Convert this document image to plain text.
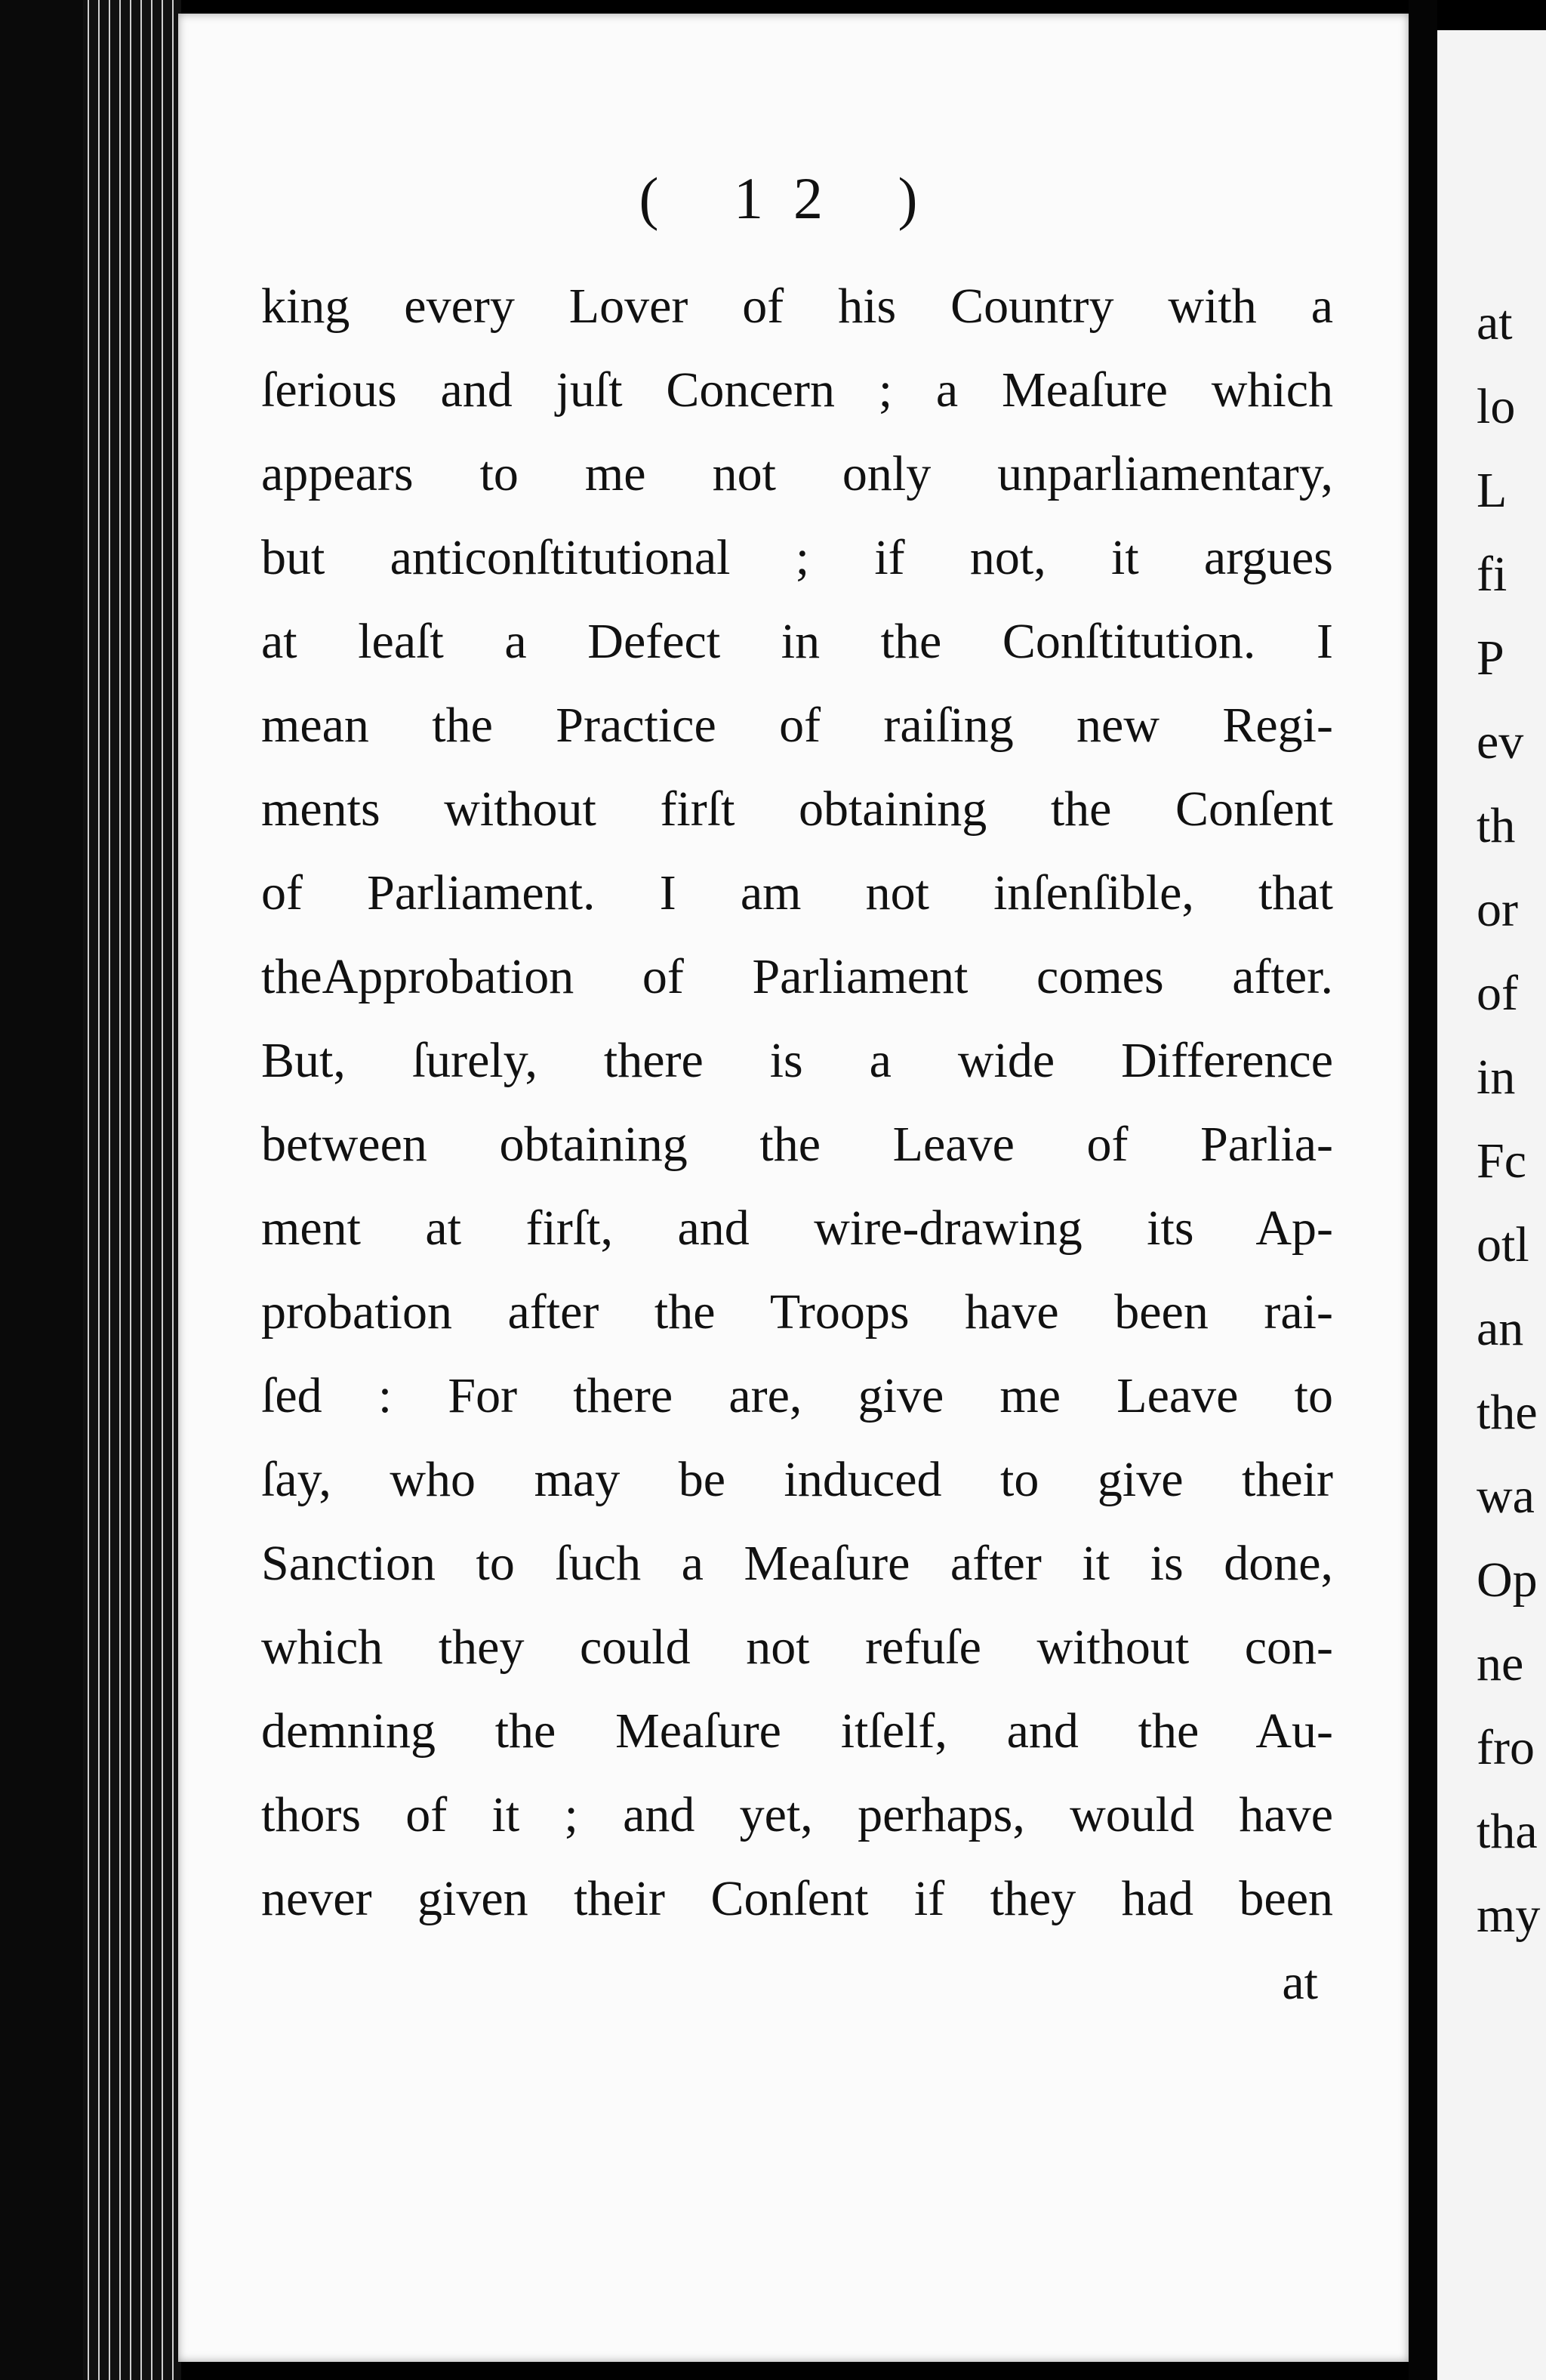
( 12 )
king every Lover of his Country with a
ſerious and juſt Concern ; a Meaſure which
appears to me not only unparliamentary,
but anticonſtitutional ; if not, it argues
at leaſt a Defect in the Conſtitution. I
mean the Practice of raiſing new Regi-
ments without firſt obtaining the Conſent
of Parliament. I am not inſenſible, that
theApprobation of Parliament comes after.
But, ſurely, there is a wide Difference
between obtaining the Leave of Parlia-
ment at firſt, and wire-drawing its Ap-
probation after the Troops have been rai-
ſed : For there are, give me Leave to
ſay, who may be induced to give their
Sanction to ſuch a Meaſure after it is done,
which they could not refuſe without con-
demning the Meaſure itſelf, and the Au-
thors of it ; and yet, perhaps, would have
never given their Conſent if they had been
at
at
lo
L
fi
P
ev
th
or
of
in
Fc
otl
an
the
wa
Op
ne
fro
tha
my
